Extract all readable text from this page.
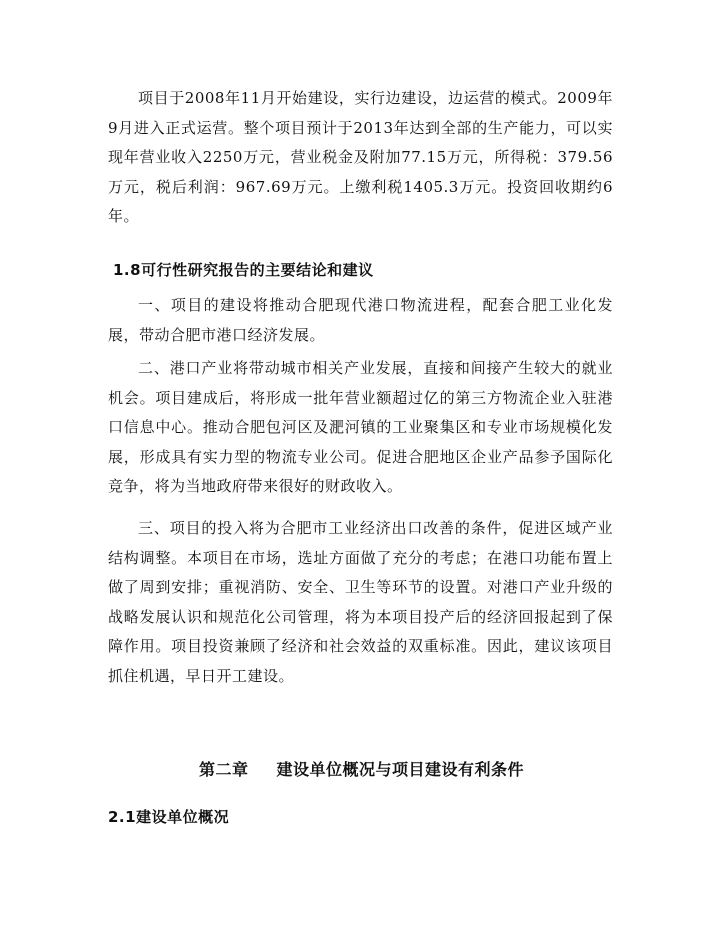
项目于2008年11月开始建设，实行边建设，边运营的模式。2009年9月进入正式运营。整个项目预计于2013年达到全部的生产能力，可以实现年营业收入2250万元，营业税金及附加77.15万元，所得税：379.56万元，税后利润：967.69万元。上缴利税1405.3万元。投资回收期约6年。

1.8可行性研究报告的主要结论和建议

一、项目的建设将推动合肥现代港口物流进程，配套合肥工业化发展，带动合肥市港口经济发展。

二、港口产业将带动城市相关产业发展，直接和间接产生较大的就业机会。项目建成后，将形成一批年营业额超过亿的第三方物流企业入驻港口信息中心。推动合肥包河区及淝河镇的工业聚集区和专业市场规模化发展，形成具有实力型的物流专业公司。促进合肥地区企业产品参予国际化竞争，将为当地政府带来很好的财政收入。

三、项目的投入将为合肥市工业经济出口改善的条件，促进区域产业结构调整。本项目在市场，选址方面做了充分的考虑；在港口功能布置上做了周到安排；重视消防、安全、卫生等环节的设置。对港口产业升级的战略发展认识和规范化公司管理，将为本项目投产后的经济回报起到了保障作用。项目投资兼顾了经济和社会效益的双重标准。因此，建议该项目抓住机遇，早日开工建设。

第二章 建设单位概况与项目建设有利条件
2.1建设单位概况
